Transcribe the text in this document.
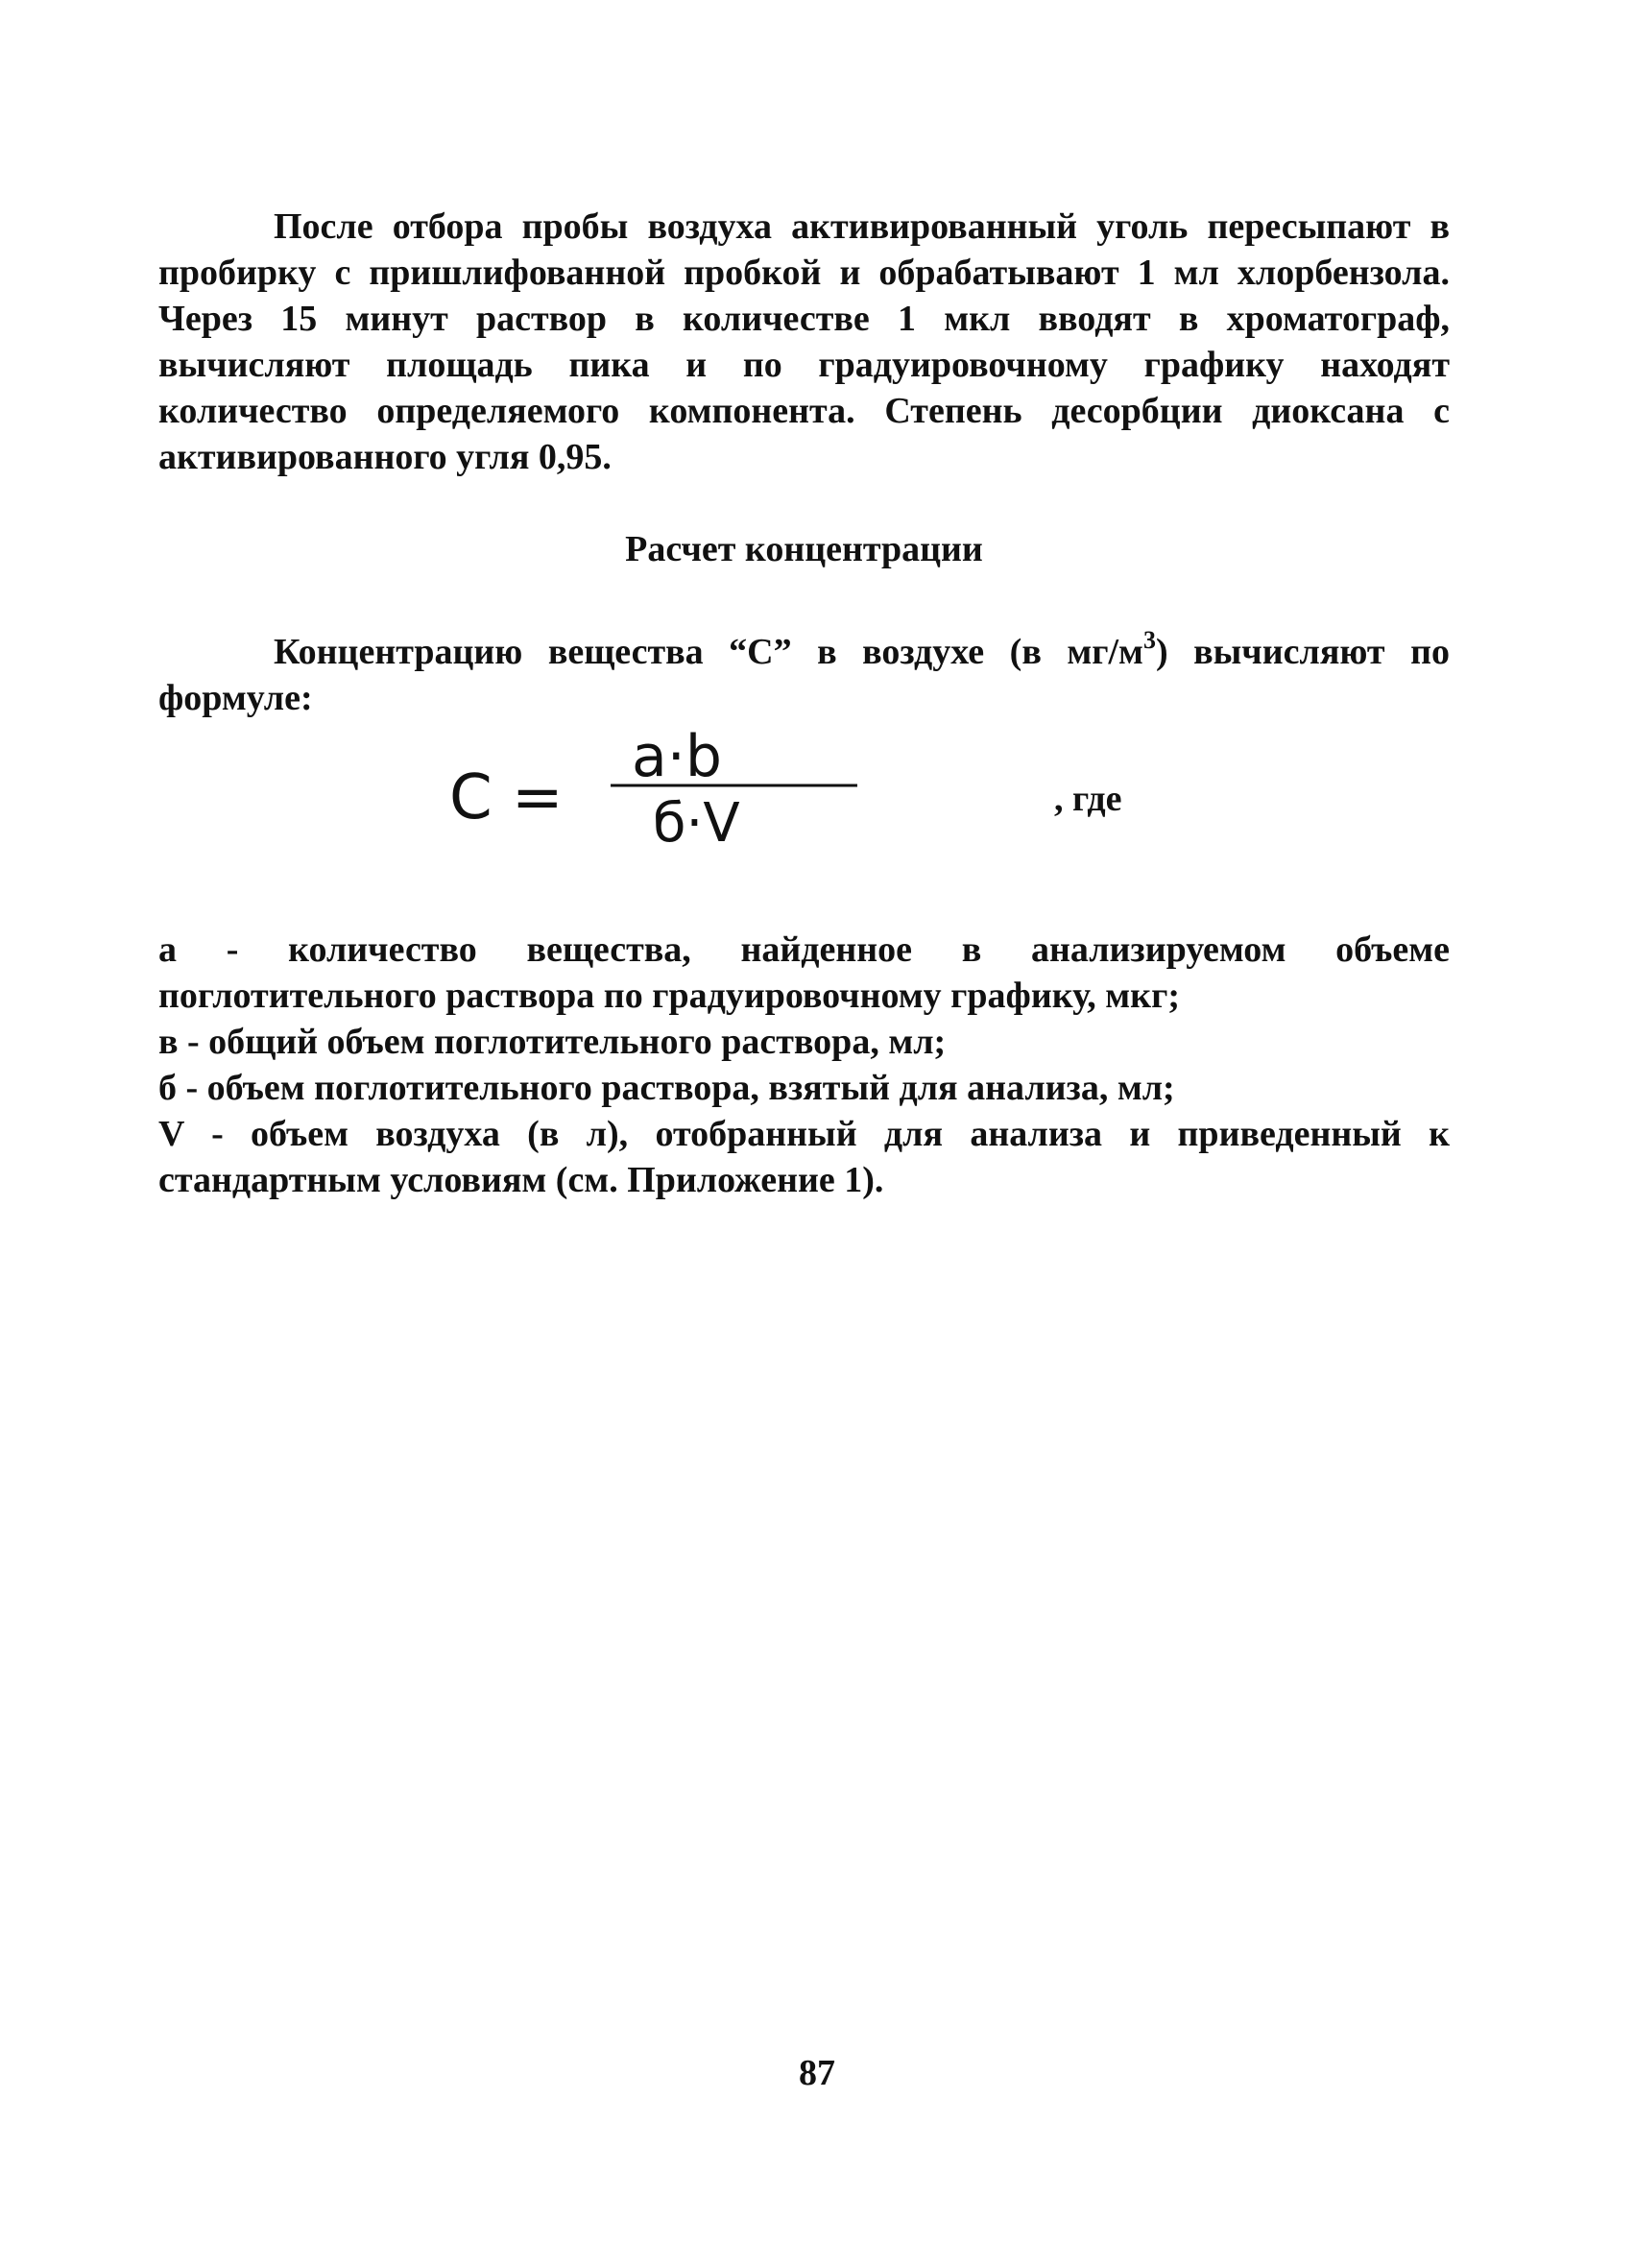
После отбора пробы воздуха активированный уголь пересыпают в пробирку с пришлифованной пробкой и обрабатывают 1 мл хлорбензола. Через 15 минут раствор в количестве 1 мкл вводят в хроматограф, вычисляют площадь пика и по градуировочному графику находят количество определяемого компонента. Степень десорбции диоксана с активированного угля 0,95.

Расчет концентрации

Концентрацию вещества “С” в воздухе (в $мг/м^3$) вычисляют по формуле:

C =
a·b
б·V	, где

а - количество вещества, найденное в анализируемом объеме поглотительного раствора по градуировочному графику, мкг;

в - общий объем поглотительного раствора, мл;

б - объем поглотительного раствора, взятый для анализа, мл;

V - объем воздуха (в л), отобранный для анализа и приведенный к стандартным условиям (см. Приложение 1).

87
